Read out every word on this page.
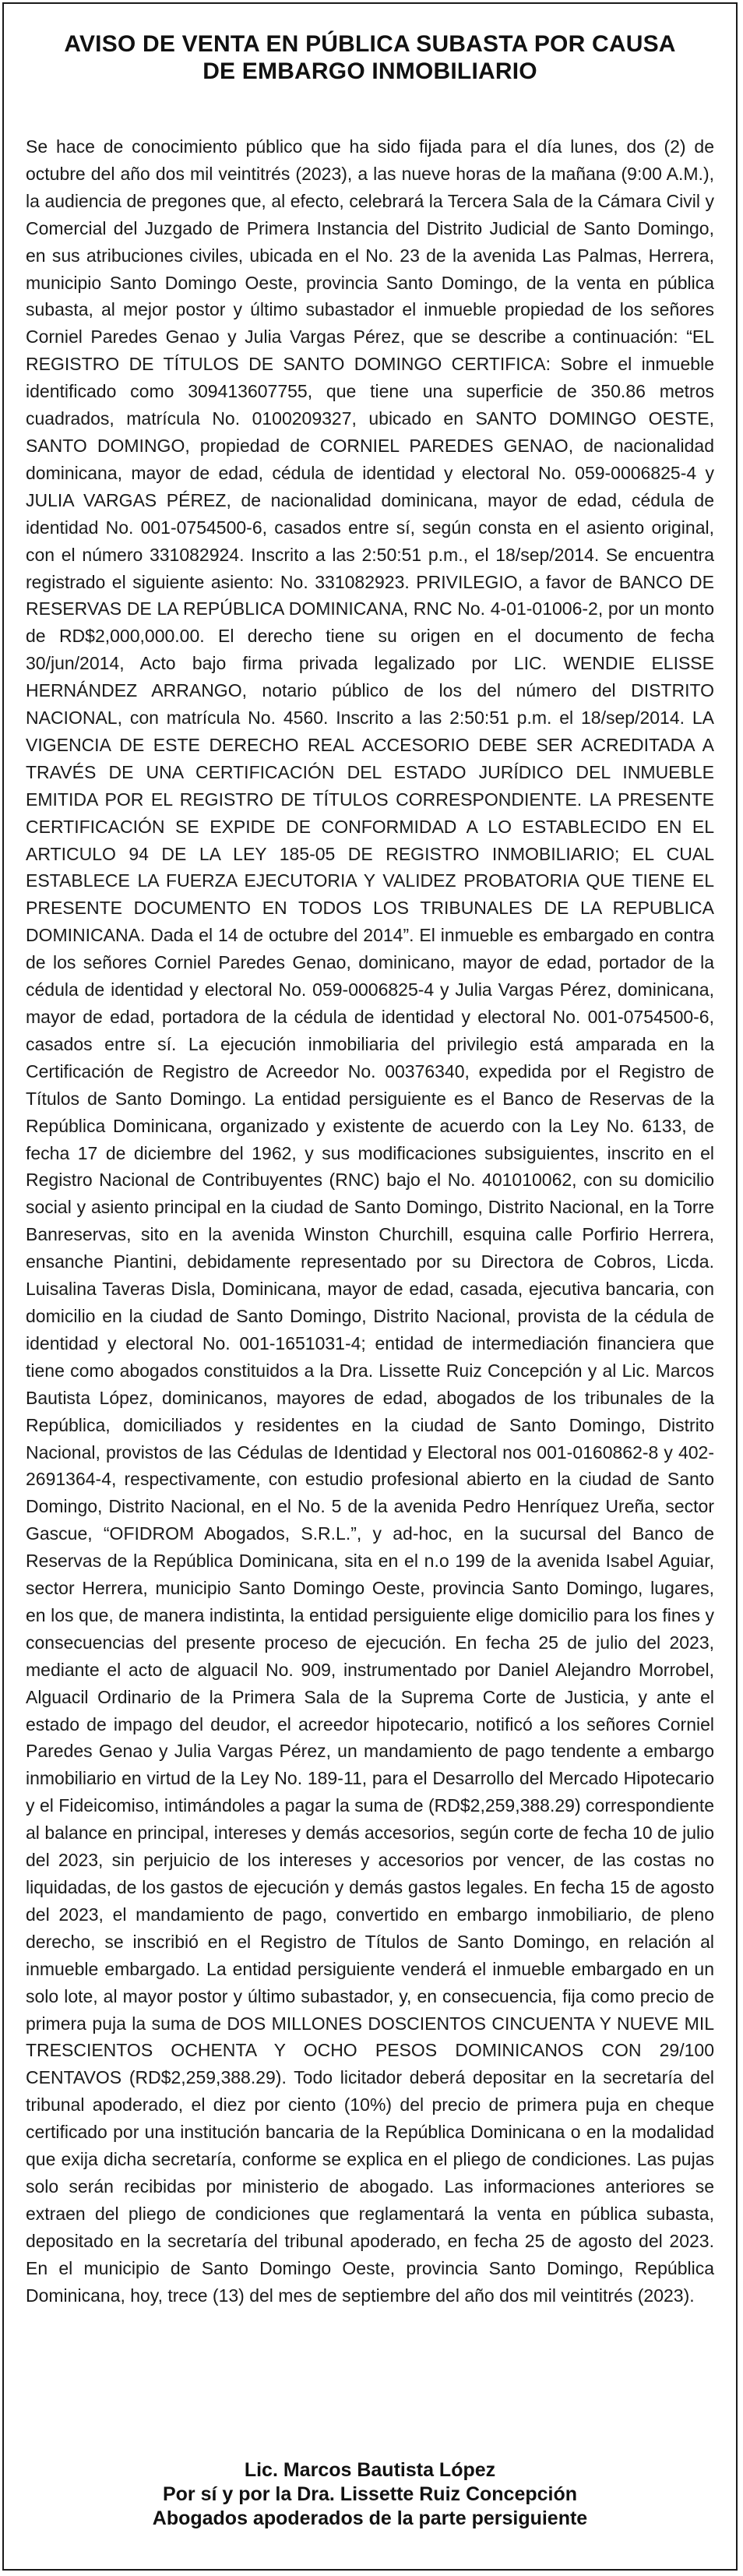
AVISO DE VENTA EN PÚBLICA SUBASTA POR CAUSA
DE EMBARGO INMOBILIARIO
Se hace de conocimiento público que ha sido fijada para el día lunes, dos (2) de octubre del año dos mil veintitrés (2023), a las nueve horas de la mañana (9:00 A.M.), la audiencia de pregones que, al efecto, celebrará la Tercera Sala de la Cámara Civil y Comercial del Juzgado de Primera Instancia del Distrito Judicial de Santo Domingo, en sus atribuciones civiles, ubicada en el No. 23 de la avenida Las Palmas, Herrera, municipio Santo Domingo Oeste, provincia Santo Domingo, de la venta en pública subasta, al mejor postor y último subastador el inmueble propiedad de los señores Corniel Paredes Genao y Julia Vargas Pérez, que se describe a continuación: “EL REGISTRO DE TÍTULOS DE SANTO DOMINGO CERTIFICA: Sobre el inmueble identificado como 309413607755, que tiene una superficie de 350.86 metros cuadrados, matrícula No. 0100209327, ubicado en SANTO DOMINGO OESTE, SANTO DOMINGO, propiedad de CORNIEL PAREDES GENAO, de nacionalidad dominicana, mayor de edad, cédula de identidad y electoral No. 059-0006825-4 y JULIA VARGAS PÉREZ, de nacionalidad dominicana, mayor de edad, cédula de identidad No. 001-0754500-6, casados entre sí, según consta en el asiento original, con el número 331082924. Inscrito a las 2:50:51 p.m., el 18/sep/2014. Se encuentra registrado el siguiente asiento: No. 331082923. PRIVILEGIO, a favor de BANCO DE RESERVAS DE LA REPÚBLICA DOMINICANA, RNC No. 4-01-01006-2, por un monto de RD$2,000,000.00. El derecho tiene su origen en el documento de fecha 30/jun/2014, Acto bajo firma privada legalizado por LIC. WENDIE ELISSE HERNÁNDEZ ARRANGO, notario público de los del número del DISTRITO NACIONAL, con matrícula No. 4560. Inscrito a las 2:50:51 p.m. el 18/sep/2014. LA VIGENCIA DE ESTE DERECHO REAL ACCESORIO DEBE SER ACREDITADA A TRAVÉS DE UNA CERTIFICACIÓN DEL ESTADO JURÍDICO DEL INMUEBLE EMITIDA POR EL REGISTRO DE TÍTULOS CORRESPONDIENTE. LA PRESENTE CERTIFICACIÓN SE EXPIDE DE CONFORMIDAD A LO ESTABLECIDO EN EL ARTICULO 94 DE LA LEY 185-05 DE REGISTRO INMOBILIARIO; EL CUAL ESTABLECE LA FUERZA EJECUTORIA Y VALIDEZ PROBATORIA QUE TIENE EL PRESENTE DOCUMENTO EN TODOS LOS TRIBUNALES DE LA REPUBLICA DOMINICANA. Dada el 14 de octubre del 2014”. El inmueble es embargado en contra de los señores Corniel Paredes Genao, dominicano, mayor de edad, portador de la cédula de identidad y electoral No. 059-0006825-4 y Julia Vargas Pérez, dominicana, mayor de edad, portadora de la cédula de identidad y electoral No. 001-0754500-6, casados entre sí. La ejecución inmobiliaria del privilegio está amparada en la Certificación de Registro de Acreedor No. 00376340, expedida por el Registro de Títulos de Santo Domingo. La entidad persiguiente es el Banco de Reservas de la República Dominicana, organizado y existente de acuerdo con la Ley No. 6133, de fecha 17 de diciembre del 1962, y sus modificaciones subsiguientes, inscrito en el Registro Nacional de Contribuyentes (RNC) bajo el No. 401010062, con su domicilio social y asiento principal en la ciudad de Santo Domingo, Distrito Nacional, en la Torre Banreservas, sito en la avenida Winston Churchill, esquina calle Porfirio Herrera, ensanche Piantini, debidamente representado por su Directora de Cobros, Licda. Luisalina Taveras Disla, Dominicana, mayor de edad, casada, ejecutiva bancaria, con domicilio en la ciudad de Santo Domingo, Distrito Nacional, provista de la cédula de identidad y electoral No. 001-1651031-4; entidad de intermediación financiera que tiene como abogados constituidos a la Dra. Lissette Ruiz Concepción y al Lic. Marcos Bautista López, dominicanos, mayores de edad, abogados de los tribunales de la República, domiciliados y residentes en la ciudad de Santo Domingo, Distrito Nacional, provistos de las Cédulas de Identidad y Electoral nos 001-0160862-8 y 402-2691364-4, respectivamente, con estudio profesional abierto en la ciudad de Santo Domingo, Distrito Nacional, en el No. 5 de la avenida Pedro Henríquez Ureña, sector Gascue, “OFIDROM Abogados, S.R.L.”, y ad-hoc, en la sucursal del Banco de Reservas de la República Dominicana, sita en el n.o 199 de la avenida Isabel Aguiar, sector Herrera, municipio Santo Domingo Oeste, provincia Santo Domingo, lugares, en los que, de manera indistinta, la entidad persiguiente elige domicilio para los fines y consecuencias del presente proceso de ejecución. En fecha 25 de julio del 2023, mediante el acto de alguacil No. 909, instrumentado por Daniel Alejandro Morrobel, Alguacil Ordinario de la Primera Sala de la Suprema Corte de Justicia, y ante el estado de impago del deudor, el acreedor hipotecario, notificó a los señores Corniel Paredes Genao y Julia Vargas Pérez, un mandamiento de pago tendente a embargo inmobiliario en virtud de la Ley No. 189-11, para el Desarrollo del Mercado Hipotecario y el Fideicomiso, intimándoles a pagar la suma de (RD$2,259,388.29) correspondiente al balance en principal, intereses y demás accesorios, según corte de fecha 10 de julio del 2023, sin perjuicio de los intereses y accesorios por vencer, de las costas no liquidadas, de los gastos de ejecución y demás gastos legales. En fecha 15 de agosto del 2023, el mandamiento de pago, convertido en embargo inmobiliario, de pleno derecho, se inscribió en el Registro de Títulos de Santo Domingo, en relación al inmueble embargado. La entidad persiguiente venderá el inmueble embargado en un solo lote, al mayor postor y último subastador, y, en consecuencia, fija como precio de primera puja la suma de DOS MILLONES DOSCIENTOS CINCUENTA Y NUEVE MIL TRESCIENTOS OCHENTA Y OCHO PESOS DOMINICANOS CON 29/100 CENTAVOS (RD$2,259,388.29). Todo licitador deberá depositar en la secretaría del tribunal apoderado, el diez por ciento (10%) del precio de primera puja en cheque certificado por una institución bancaria de la República Dominicana o en la modalidad que exija dicha secretaría, conforme se explica en el pliego de condiciones. Las pujas solo serán recibidas por ministerio de abogado. Las informaciones anteriores se extraen del pliego de condiciones que reglamentará la venta en pública subasta, depositado en la secretaría del tribunal apoderado, en fecha 25 de agosto del 2023. En el municipio de Santo Domingo Oeste, provincia Santo Domingo, República Dominicana, hoy, trece (13) del mes de septiembre del año dos mil veintitrés (2023).
Lic. Marcos Bautista López
Por sí y por la Dra. Lissette Ruiz Concepción
Abogados apoderados de la parte persiguiente
